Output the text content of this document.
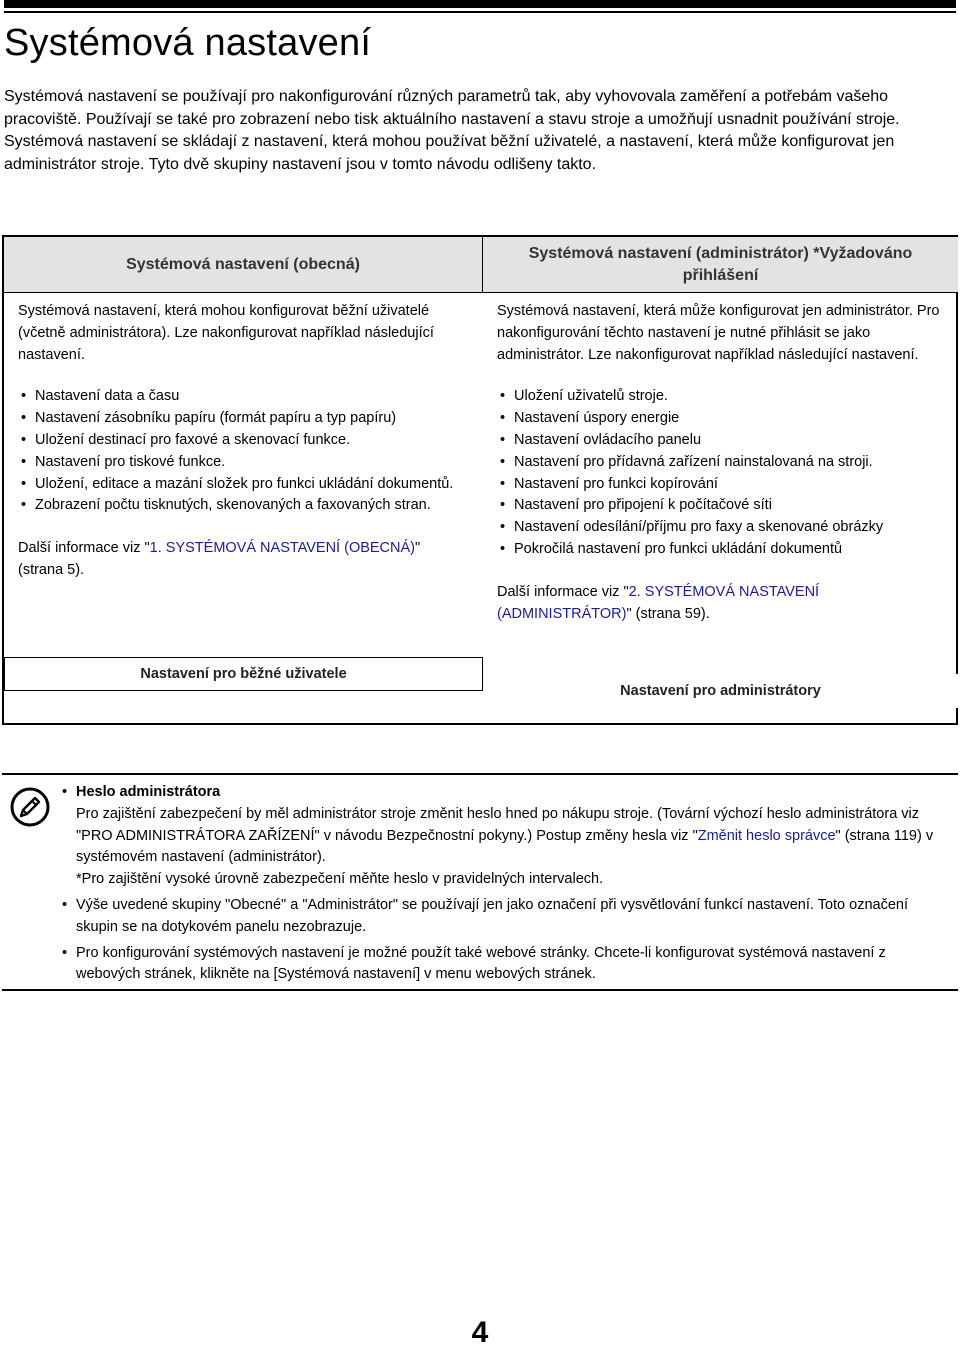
Systémová nastavení

Systémová nastavení se používají pro nakonfigurování různých parametrů tak, aby vyhovovala zaměření a potřebám vašeho pracoviště. Používají se také pro zobrazení nebo tisk aktuálního nastavení a stavu stroje a umožňují usnadnit používání stroje.

Systémová nastavení se skládají z nastavení, která mohou používat běžní uživatelé, a nastavení, která může konfigurovat jen administrátor stroje. Tyto dvě skupiny nastavení jsou v tomto návodu odlišeny takto.

Systémová nastavení (obecná)

Systémová nastavení, která mohou konfigurovat běžní uživatelé (včetně administrátora). Lze nakonfigurovat například následující nastavení.

• Nastavení data a času
• Nastavení zásobníku papíru (formát papíru a typ papíru)
• Uložení destinací pro faxové a skenovací funkce.
• Nastavení pro tiskové funkce.
• Uložení, editace a mazání složek pro funkci ukládání dokumentů.
• Zobrazení počtu tisknutých, skenovaných a faxovaných stran.

Další informace viz "1. SYSTÉMOVÁ NASTAVENÍ (OBECNÁ)" (strana 5).

Systémová nastavení (administrátor) *Vyžadováno přihlášení

Systémová nastavení, která může konfigurovat jen administrátor. Pro nakonfigurování těchto nastavení je nutné přihlásit se jako administrátor. Lze nakonfigurovat například následující nastavení.

• Uložení uživatelů stroje.
• Nastavení úspory energie
• Nastavení ovládacího panelu
• Nastavení pro přídavná zařízení nainstalovaná na stroji.
• Nastavení pro funkci kopírování
• Nastavení pro připojení k počítačové síti
• Nastavení odesílání/příjmu pro faxy a skenované obrázky
• Pokročilá nastavení pro funkci ukládání dokumentů

Další informace viz "2. SYSTÉMOVÁ NASTAVENÍ (ADMINISTRÁTOR)" (strana 59).

Nastavení pro běžné uživatele
Nastavení pro administrátory
• Heslo administrátora
Pro zajištění zabezpečení by měl administrátor stroje změnit heslo hned po nákupu stroje. (Tovární výchozí heslo administrátora viz "PRO ADMINISTRÁTORA ZAŘÍZENÍ" v návodu Bezpečnostní pokyny.) Postup změny hesla viz "Změnit heslo správce" (strana 119) v systémovém nastavení (administrátor).
*Pro zajištění vysoké úrovně zabezpečení měňte heslo v pravidelných intervalech.
• Výše uvedené skupiny "Obecné" a "Administrátor" se používají jen jako označení při vysvětlování funkcí nastavení. Toto označení skupin se na dotykovém panelu nezobrazuje.
• Pro konfigurování systémových nastavení je možné použít také webové stránky. Chcete-li konfigurovat systémová nastavení z webových stránek, klikněte na [Systémová nastavení] v menu webových stránek.
4
